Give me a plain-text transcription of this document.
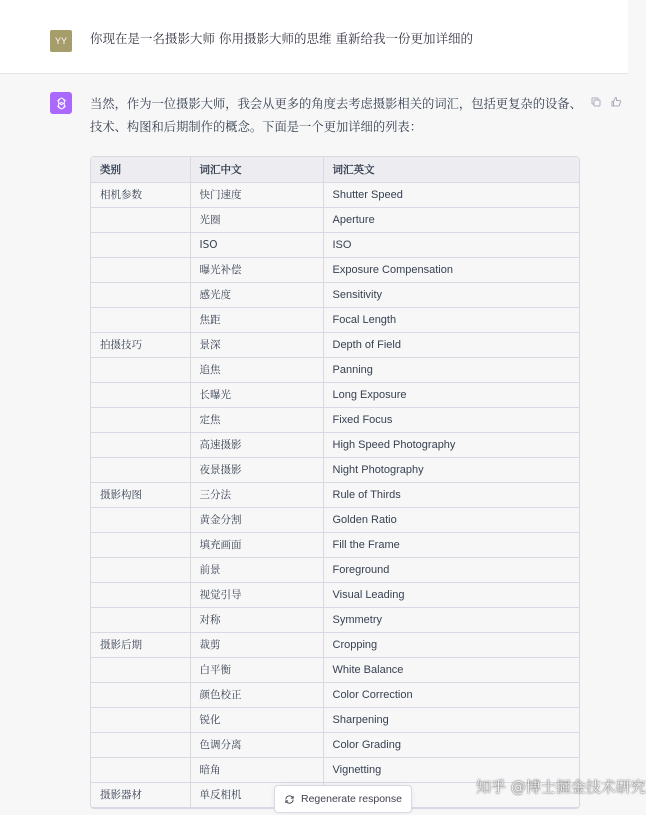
YY	你现在是一名摄影大师 你用摄影大师的思维 重新给我一份更加详细的
当然，作为一位摄影大师，我会从更多的角度去考虑摄影相关的词汇，包括更复杂的设备、技术、构图和后期制作的概念。下面是一个更加详细的列表：
类别	词汇中文	词汇英文
相机参数	快门速度	Shutter Speed
	光圈	Aperture
	ISO	ISO
	曝光补偿	Exposure Compensation
	感光度	Sensitivity
	焦距	Focal Length
拍摄技巧	景深	Depth of Field
	追焦	Panning
	长曝光	Long Exposure
	定焦	Fixed Focus
	高速摄影	High Speed Photography
	夜景摄影	Night Photography
摄影构图	三分法	Rule of Thirds
	黄金分割	Golden Ratio
	填充画面	Fill the Frame
	前景	Foreground
	视觉引导	Visual Leading
	对称	Symmetry
摄影后期	裁剪	Cropping
	白平衡	White Balance
	颜色校正	Color Correction
	锐化	Sharpening
	色调分离	Color Grading
	暗角	Vignetting
摄影器材	单反相机		Regenerate response
知乎 @博士掘金技术研究
